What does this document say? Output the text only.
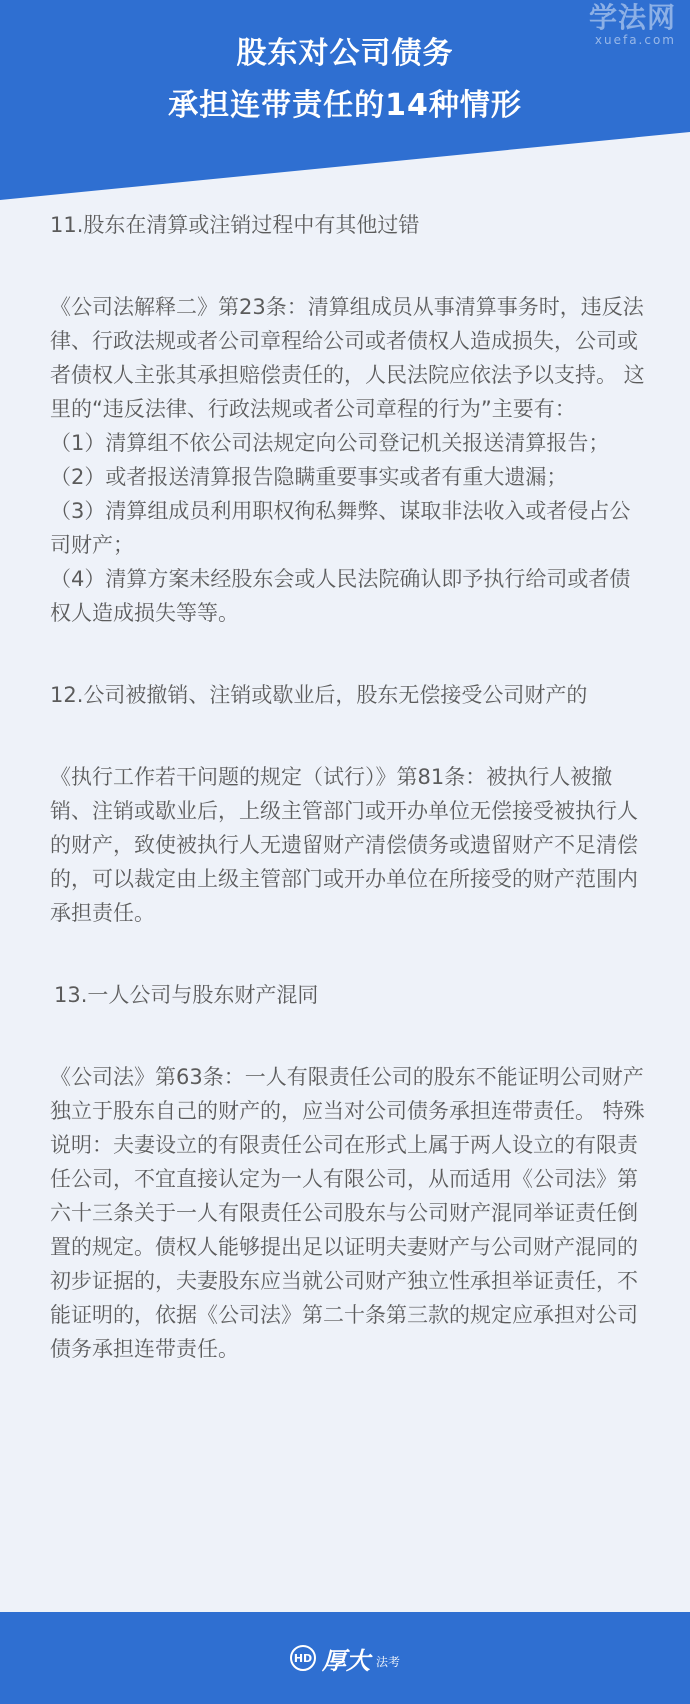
学法网
xuefa.com
股东对公司债务
承担连带责任的14种情形

11.股东在清算或注销过程中有其他过错

《公司法解释二》第23条：清算组成员从事清算事务时，违反法律、行政法规或者公司章程给公司或者债权人造成损失，公司或者债权人主张其承担赔偿责任的，人民法院应依法予以支持。 这里的“违反法律、行政法规或者公司章程的行为”主要有：

（1）清算组不依公司法规定向公司登记机关报送清算报告；

（2）或者报送清算报告隐瞒重要事实或者有重大遗漏；

（3）清算组成员利用职权徇私舞弊、谋取非法收入或者侵占公司财产；

（4）清算方案未经股东会或人民法院确认即予执行给司或者债权人造成损失等等。

12.公司被撤销、注销或歇业后，股东无偿接受公司财产的

《执行工作若干问题的规定（试行）》第81条：被执行人被撤销、注销或歇业后，上级主管部门或开办单位无偿接受被执行人的财产，致使被执行人无遗留财产清偿债务或遗留财产不足清偿的，可以裁定由上级主管部门或开办单位在所接受的财产范围内承担责任。

13.一人公司与股东财产混同

《公司法》第63条：一人有限责任公司的股东不能证明公司财产独立于股东自己的财产的，应当对公司债务承担连带责任。 特殊说明：夫妻设立的有限责任公司在形式上属于两人设立的有限责任公司，不宜直接认定为一人有限公司，从而适用《公司法》第六十三条关于一人有限责任公司股东与公司财产混同举证责任倒置的规定。债权人能够提出足以证明夫妻财产与公司财产混同的初步证据的，夫妻股东应当就公司财产独立性承担举证责任，不能证明的，依据《公司法》第二十条第三款的规定应承担对公司债务承担连带责任。

HD 厚大 法考
